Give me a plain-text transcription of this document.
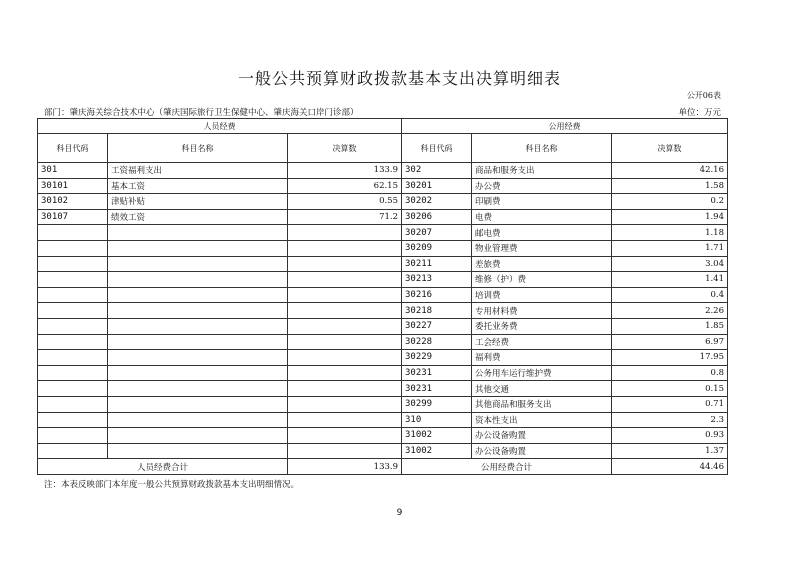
一般公共预算财政拨款基本支出决算明细表
公开06表
部门：肇庆海关综合技术中心（肇庆国际旅行卫生保健中心、肇庆海关口岸门诊部）	单位：万元
人员经费			公用经费		
科目代码	科目名称	决算数	科目代码	科目名称	决算数
301	工资福利支出	133.9	302	商品和服务支出	42.16
30101	基本工资	62.15	30201	办公费	1.58
30102	津贴补贴	0.55	30202	印刷费	0.2
30107	绩效工资	71.2	30206	电费	1.94
			30207	邮电费	1.18
			30209	物业管理费	1.71
			30211	差旅费	3.04
			30213	维修（护）费	1.41
			30216	培训费	0.4
			30218	专用材料费	2.26
			30227	委托业务费	1.85
			30228	工会经费	6.97
			30229	福利费	17.95
			30231	公务用车运行维护费	0.8
			30231	其他交通	0.15
			30299	其他商品和服务支出	0.71
			310	资本性支出	2.3
			31002	办公设备购置	0.93
			31002	办公设备购置	1.37
人员经费合计		133.9	公用经费合计		44.46
注：本表反映部门本年度一般公共预算财政拨款基本支出明细情况。
9
